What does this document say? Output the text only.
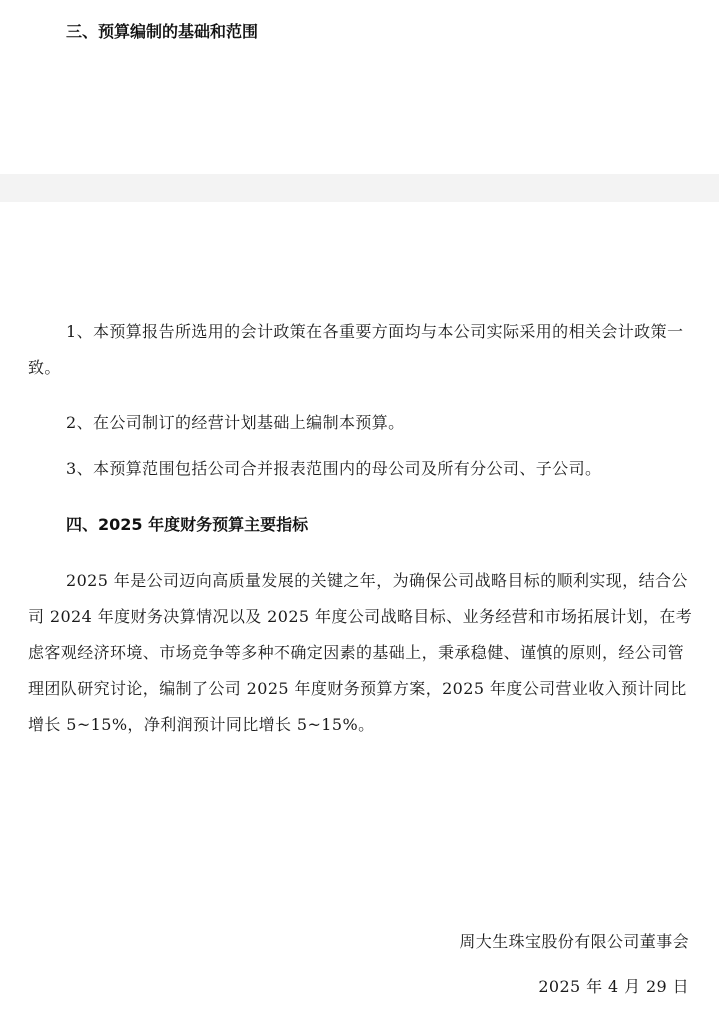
三、预算编制的基础和范围

1、本预算报告所选用的会计政策在各重要方面均与本公司实际采用的相关会计政策一致。

2、在公司制订的经营计划基础上编制本预算。
3、本预算范围包括公司合并报表范围内的母公司及所有分公司、子公司。
四、2025 年度财务预算主要指标

2025 年是公司迈向高质量发展的关键之年，为确保公司战略目标的顺利实现，结合公司 2024 年度财务决算情况以及 2025 年度公司战略目标、业务经营和市场拓展计划，在考虑客观经济环境、市场竞争等多种不确定因素的基础上，秉承稳健、谨慎的原则，经公司管理团队研究讨论，编制了公司 2025 年度财务预算方案，2025 年度公司营业收入预计同比增长 5~15%，净利润预计同比增长 5~15%。

周大生珠宝股份有限公司董事会
2025 年 4 月 29 日
